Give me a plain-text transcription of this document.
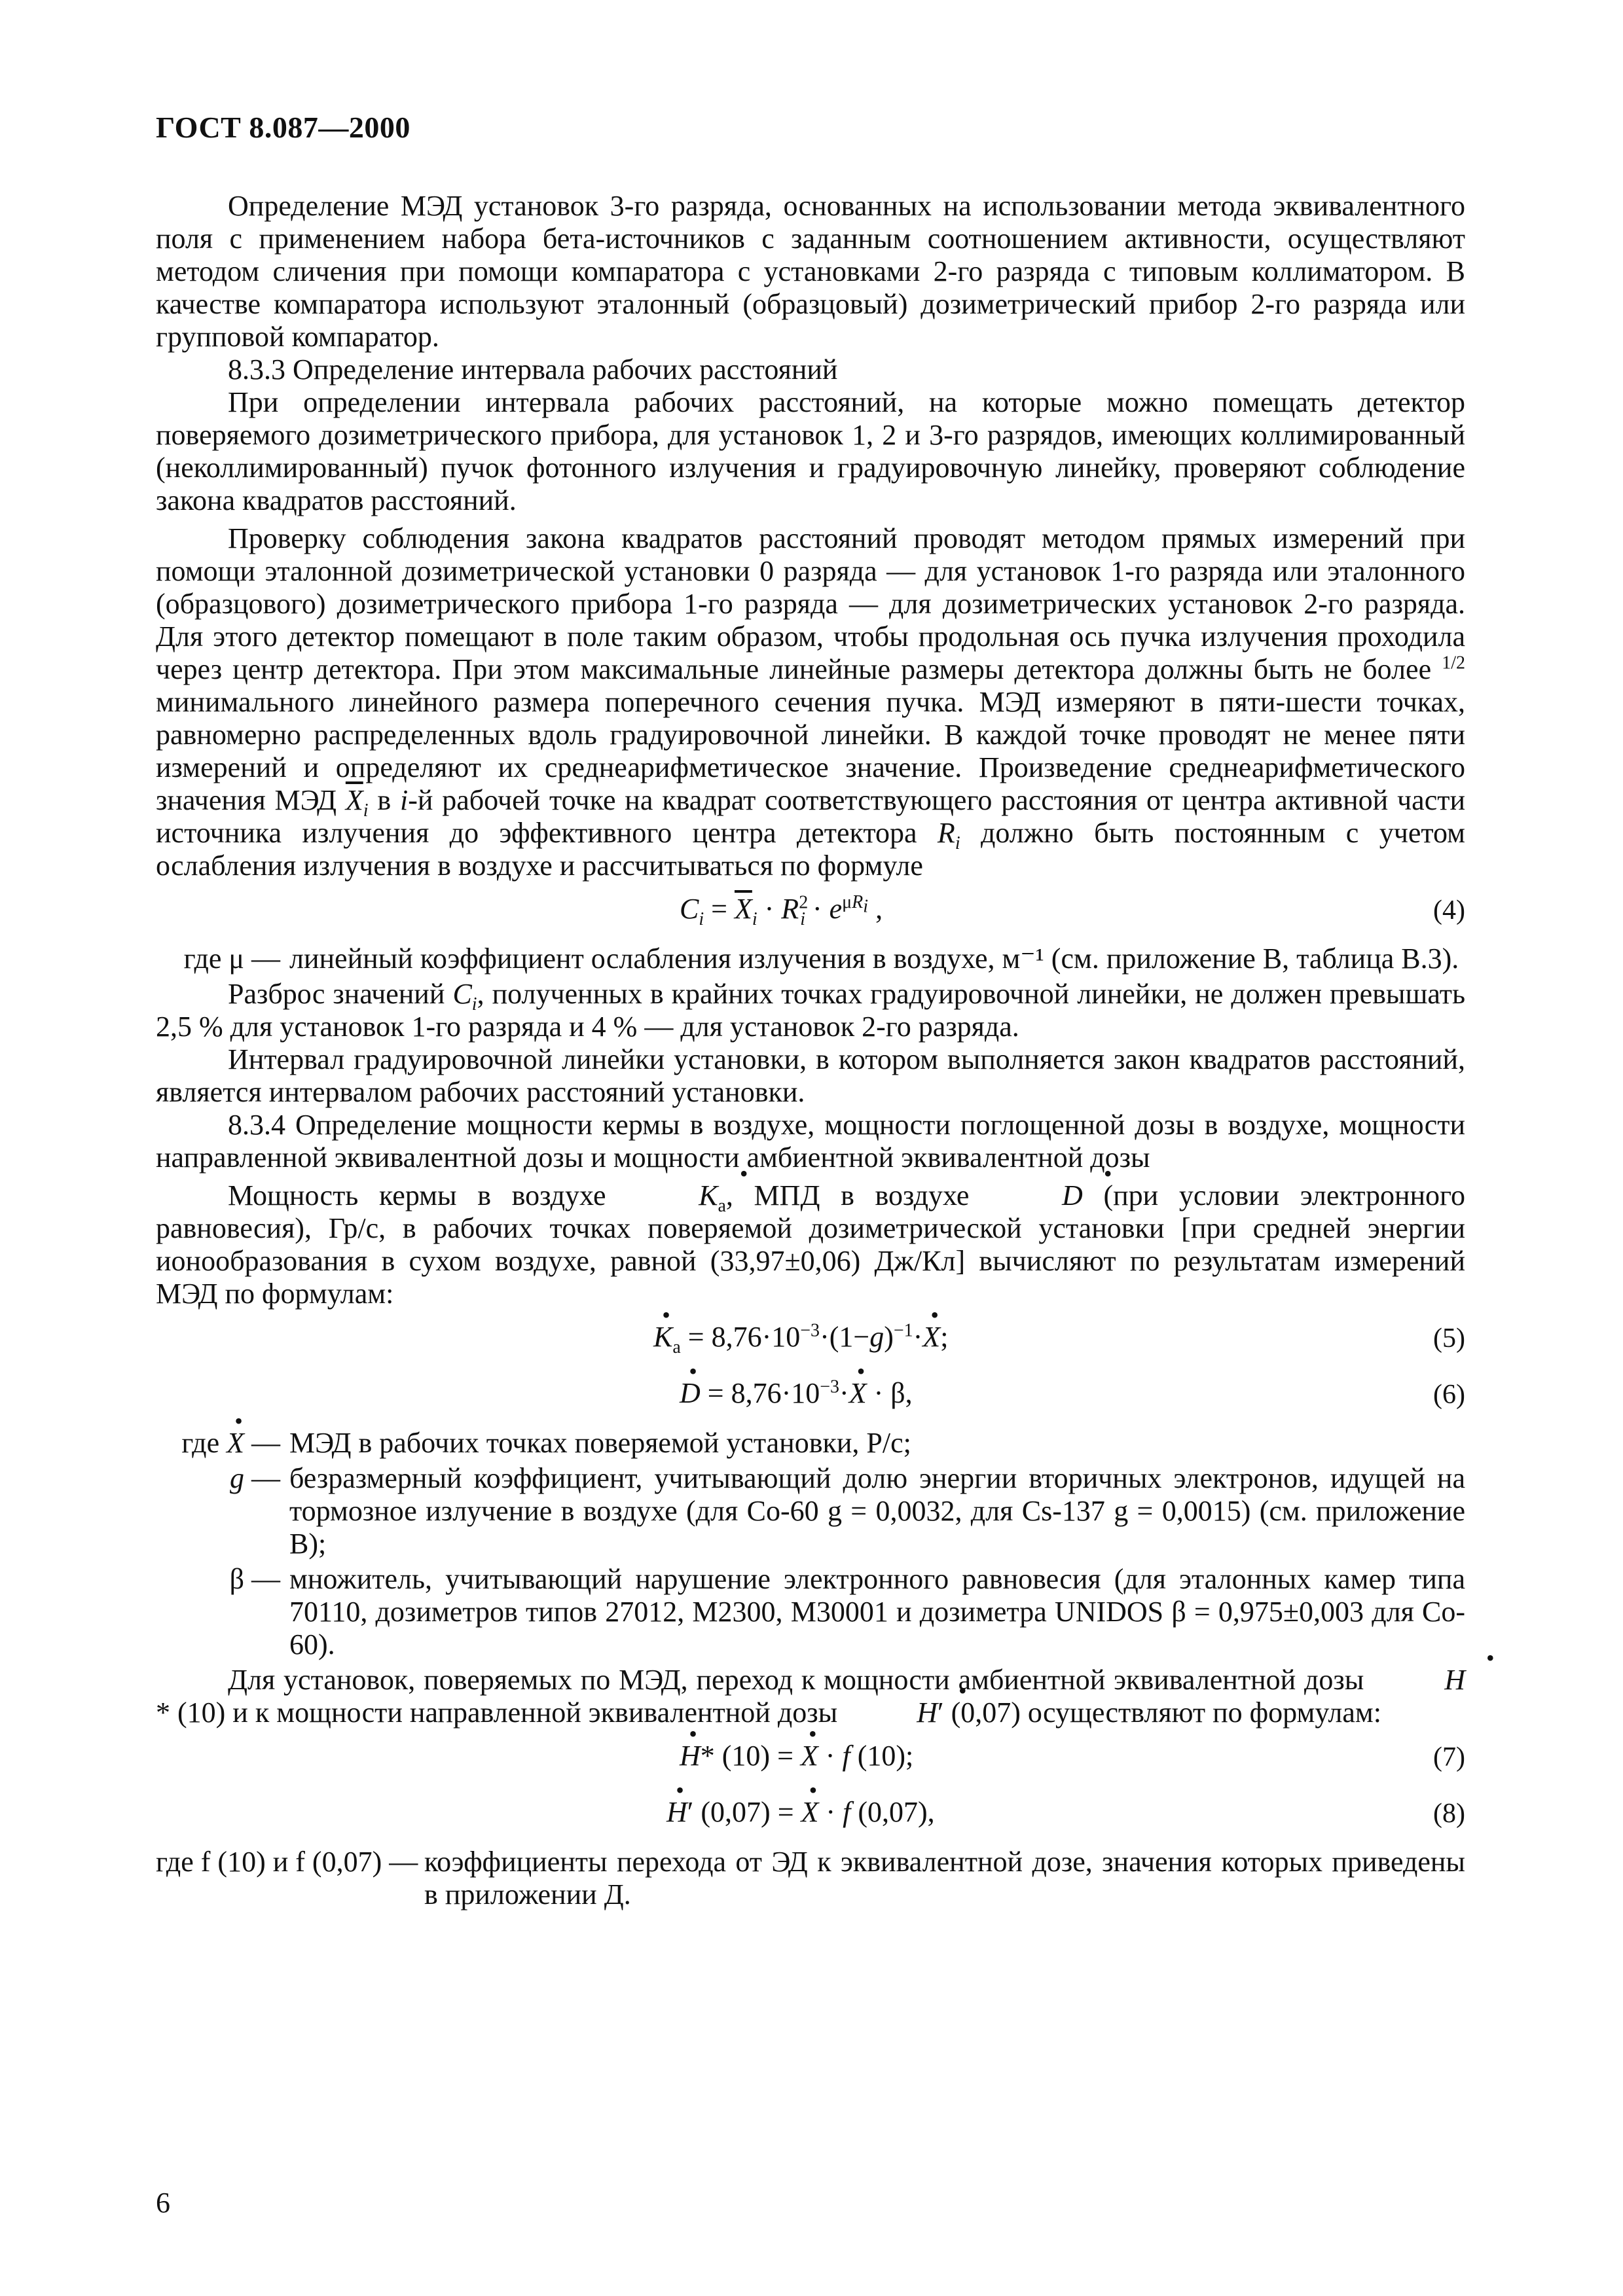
ГОСТ 8.087—2000

Определение МЭД установок 3-го разряда, основанных на использовании метода эквивалентного поля с применением набора бета-источников с заданным соотношением активности, осуществляют методом сличения при помощи компаратора с установками 2-го разряда с типовым коллиматором. В качестве компаратора используют эталонный (образцовый) дозиметрический прибор 2-го разряда или групповой компаратор.

8.3.3 Определение интервала рабочих расстояний

При определении интервала рабочих расстояний, на которые можно помещать детектор поверяемого дозиметрического прибора, для установок 1, 2 и 3-го разрядов, имеющих коллимированный (неколлимированный) пучок фотонного излучения и градуировочную линейку, проверяют соблюдение закона квадратов расстояний.

Проверку соблюдения закона квадратов расстояний проводят методом прямых измерений при помощи эталонной дозиметрической установки 0 разряда — для установок 1-го разряда или эталонного (образцового) дозиметрического прибора 1-го разряда — для дозиметрических установок 2-го разряда. Для этого детектор помещают в поле таким образом, чтобы продольная ось пучка излучения проходила через центр детектора. При этом максимальные линейные размеры детектора должны быть не более $^{1/2}$ минимального линейного размера поперечного сечения пучка. МЭД измеряют в пяти-шести точках, равномерно распределенных вдоль градуировочной линейки. В каждой точке проводят не менее пяти измерений и определяют их среднеарифметическое значение. Произведение среднеарифметического значения МЭД $\overline{X}_i$ в i-й рабочей точке на квадрат соответствующего расстояния от центра активной части источника излучения до эффективного центра детектора $R_i$ должно быть постоянным с учетом ослабления излучения в воздухе и рассчитываться по формуле

$C_i = \overline{X}_i \cdot R^2_i \cdot e^{\mu R_i}$ ,	(4)
где μ — линейный коэффициент ослабления излучения в воздухе, м⁻¹ (см. приложение В, таблица В.3).

Разброс значений $C_i$, полученных в крайних точках градуировочной линейки, не должен превышать 2,5 % для установок 1-го разряда и 4 % — для установок 2-го разряда.

Интервал градуировочной линейки установки, в котором выполняется закон квадратов расстояний, является интервалом рабочих расстояний установки.

8.3.4 Определение мощности кермы в воздухе, мощности поглощенной дозы в воздухе, мощности направленной эквивалентной дозы и мощности амбиентной эквивалентной дозы

Мощность кермы в воздухе	• $K_a$, МПД в воздухе	• D (при условии электронного равновесия), Гр/с, в рабочих точках поверяемой дозиметрической установки [при средней энергии ионообразования в сухом воздухе, равной (33,97±0,06) Дж/Кл] вычисляют по результатам измерений МЭД по формулам:

• $K_a$ = $8,76\cdot 10^{-3}\cdot(1-g)^{-1}\cdot•$ X;	(5)
• $D = 8,76\cdot 10^{-3}\cdot•$ X · β,	(6)
где • X — МЭД в рабочих точках поверяемой установки, Р/с;
g — безразмерный коэффициент, учитывающий долю энергии вторичных электронов, идущей на тормозное излучение в воздухе (для Co-60 g = 0,0032, для Cs-137 g = 0,0015) (см. приложение В);
β — множитель, учитывающий нарушение электронного равновесия (для эталонных камер типа 70110, дозиметров типов 27012, M2300, M30001 и дозиметра UNIDOS β = 0,975±0,003 для Co-60).

Для установок, поверяемых по МЭД, переход к мощности амбиентной эквивалентной дозы	• H* (10) и к мощности направленной эквивалентной дозы	• H′ (0,07) осуществляют по формулам:

• H* (10) = • X · f (10);	(7)
• H′ (0,07) = • X · f (0,07),	(8)
где f (10) и f (0,07) — коэффициенты перехода от ЭД к эквивалентной дозе, значения которых приведены в приложении Д.
6
